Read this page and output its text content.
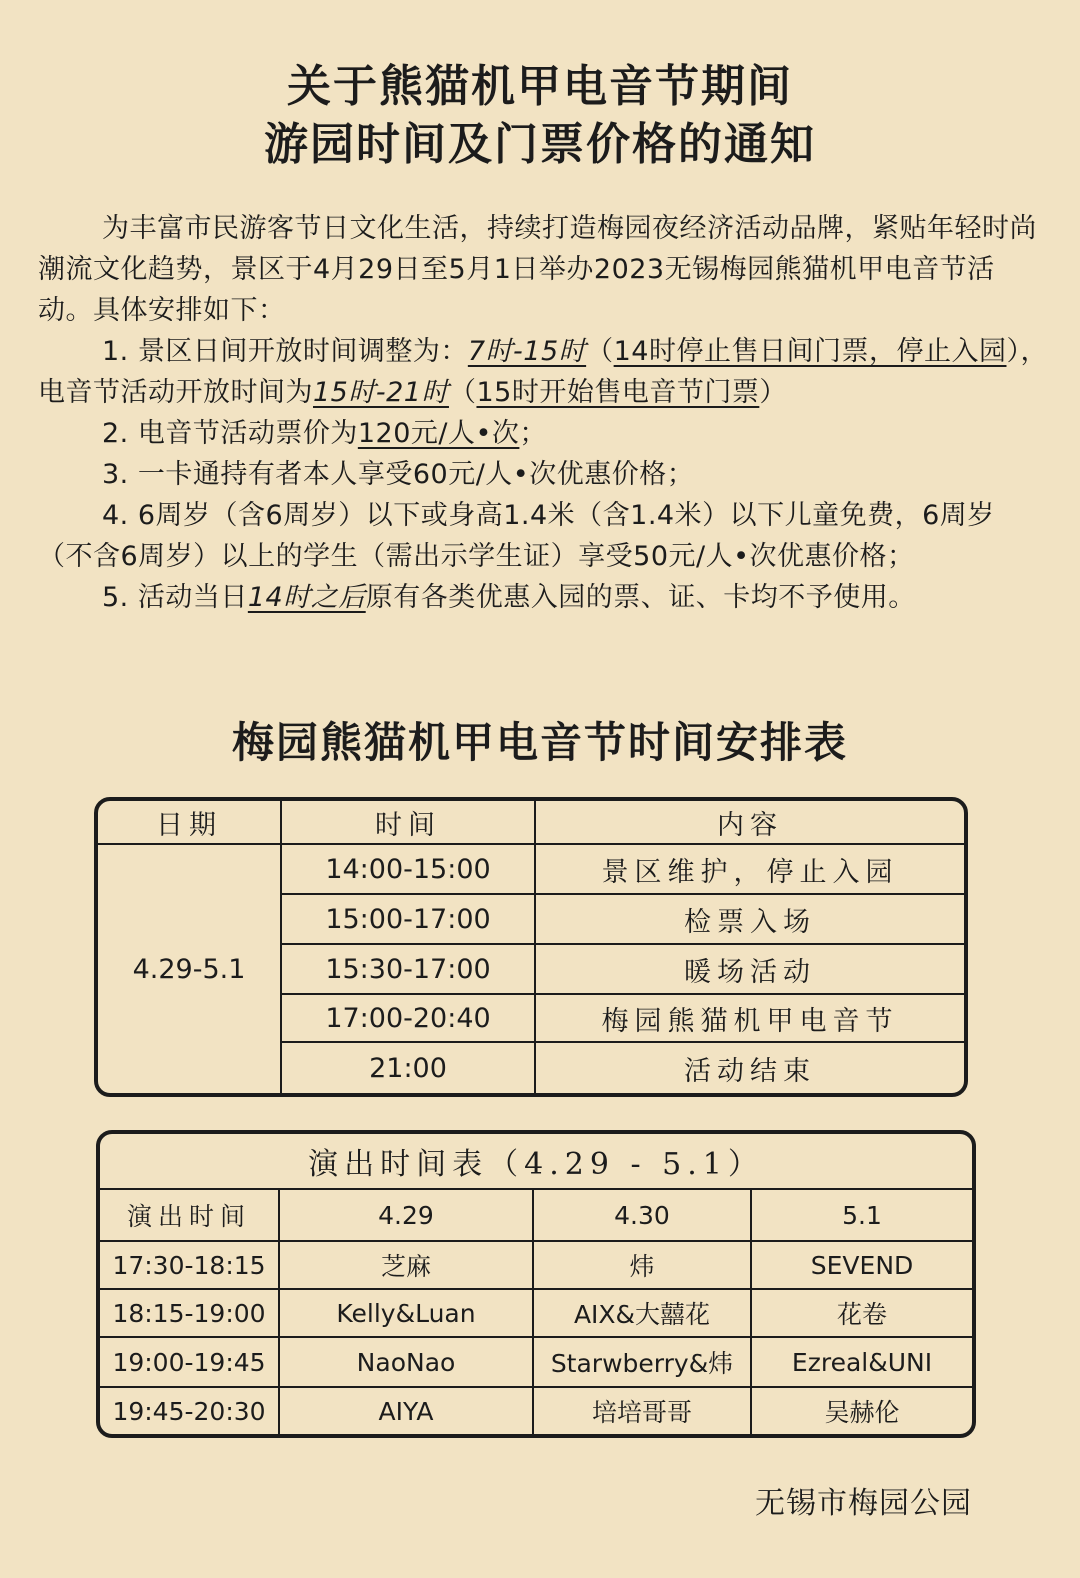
关于熊猫机甲电音节期间
游园时间及门票价格的通知

为丰富市民游客节日文化生活，持续打造梅园夜经济活动品牌，紧贴年轻时尚潮流文化趋势，景区于4月29日至5月1日举办2023无锡梅园熊猫机甲电音节活动。具体安排如下：

1. 景区日间开放时间调整为：7时-15时（14时停止售日间门票，停止入园），电音节活动开放时间为15时-21时（15时开始售电音节门票）

2. 电音节活动票价为120元/人•次；

3. 一卡通持有者本人享受60元/人•次优惠价格；

4. 6周岁（含6周岁）以下或身高1.4米（含1.4米）以下儿童免费，6周岁（不含6周岁）以上的学生（需出示学生证）享受50元/人•次优惠价格；

5. 活动当日14时之后原有各类优惠入园的票、证、卡均不予使用。

梅园熊猫机甲电音节时间安排表
日期	时间	内容
4.29-5.1	14:00-15:00	景区维护，停止入园
	15:00-17:00	检票入场
	15:30-17:00	暖场活动
	17:00-20:40	梅园熊猫机甲电音节
	21:00	活动结束
演出时间表（4.29 - 5.1）			
演出时间	4.29	4.30	5.1
17:30-18:15	芝麻	炜	SEVEND
18:15-19:00	Kelly&Luan	AIX&大囍花	花卷
19:00-19:45	NaoNao	Starwberry&炜	Ezreal&UNI
19:45-20:30	AIYA	培培哥哥	吴赫伦
无锡市梅园公园
